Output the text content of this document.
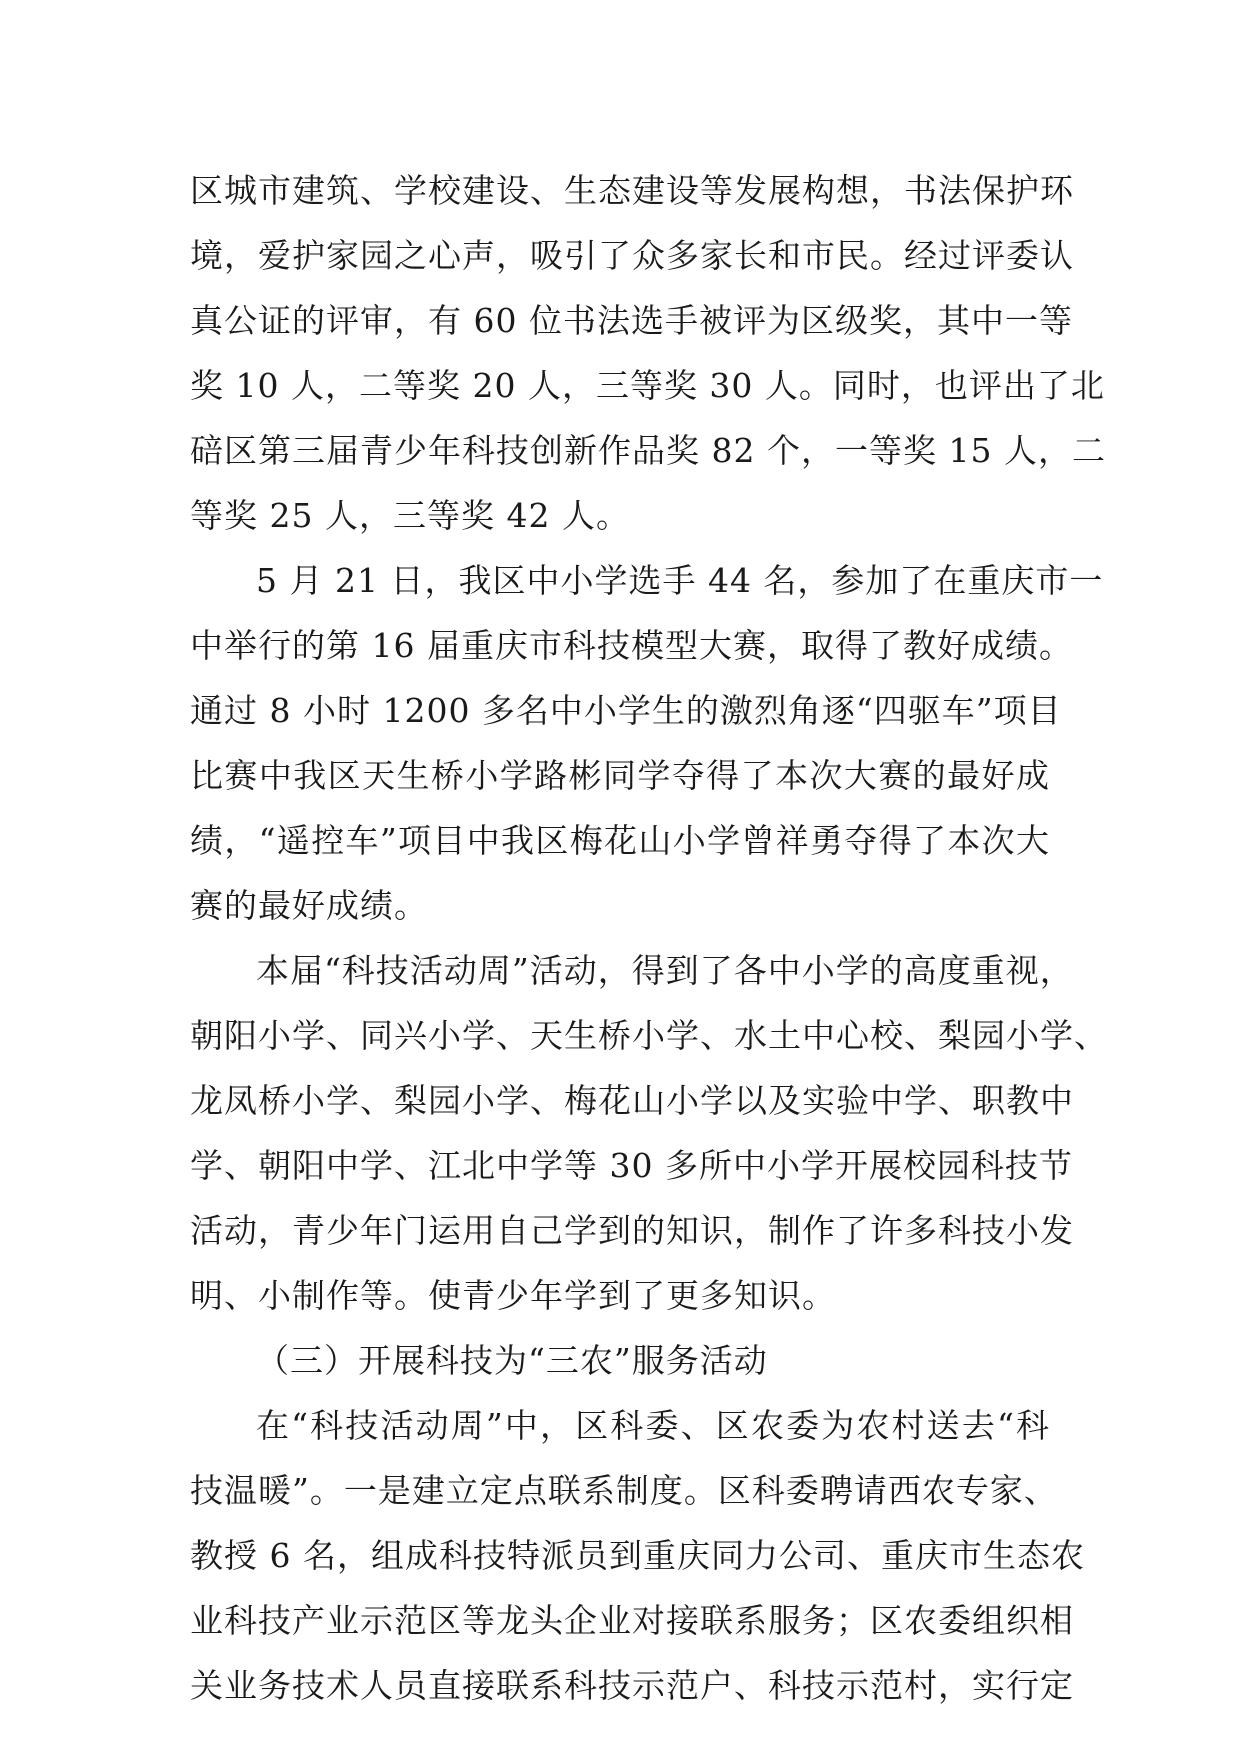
区城市建筑、学校建设、生态建设等发展构想，书法保护环
境，爱护家园之心声，吸引了众多家长和市民。经过评委认
真公证的评审，有 60 位书法选手被评为区级奖，其中一等
奖 10 人，二等奖 20 人，三等奖 30 人。同时，也评出了北
碚区第三届青少年科技创新作品奖 82 个，一等奖 15 人，二
等奖 25 人，三等奖 42 人。
5 月 21 日，我区中小学选手 44 名，参加了在重庆市一
中举行的第 16 届重庆市科技模型大赛，取得了教好成绩。
通过 8 小时 1200 多名中小学生的激烈角逐“四驱车”项目
比赛中我区天生桥小学路彬同学夺得了本次大赛的最好成
绩，“遥控车”项目中我区梅花山小学曾祥勇夺得了本次大
赛的最好成绩。
本届“科技活动周”活动，得到了各中小学的高度重视，
朝阳小学、同兴小学、天生桥小学、水土中心校、梨园小学、
龙凤桥小学、梨园小学、梅花山小学以及实验中学、职教中
学、朝阳中学、江北中学等 30 多所中小学开展校园科技节
活动，青少年门运用自己学到的知识，制作了许多科技小发
明、小制作等。使青少年学到了更多知识。
（三）开展科技为“三农”服务活动
在“科技活动周”中，区科委、区农委为农村送去“科
技温暖”。一是建立定点联系制度。区科委聘请西农专家、
教授 6 名，组成科技特派员到重庆同力公司、重庆市生态农
业科技产业示范区等龙头企业对接联系服务；区农委组织相
关业务技术人员直接联系科技示范户、科技示范村，实行定
